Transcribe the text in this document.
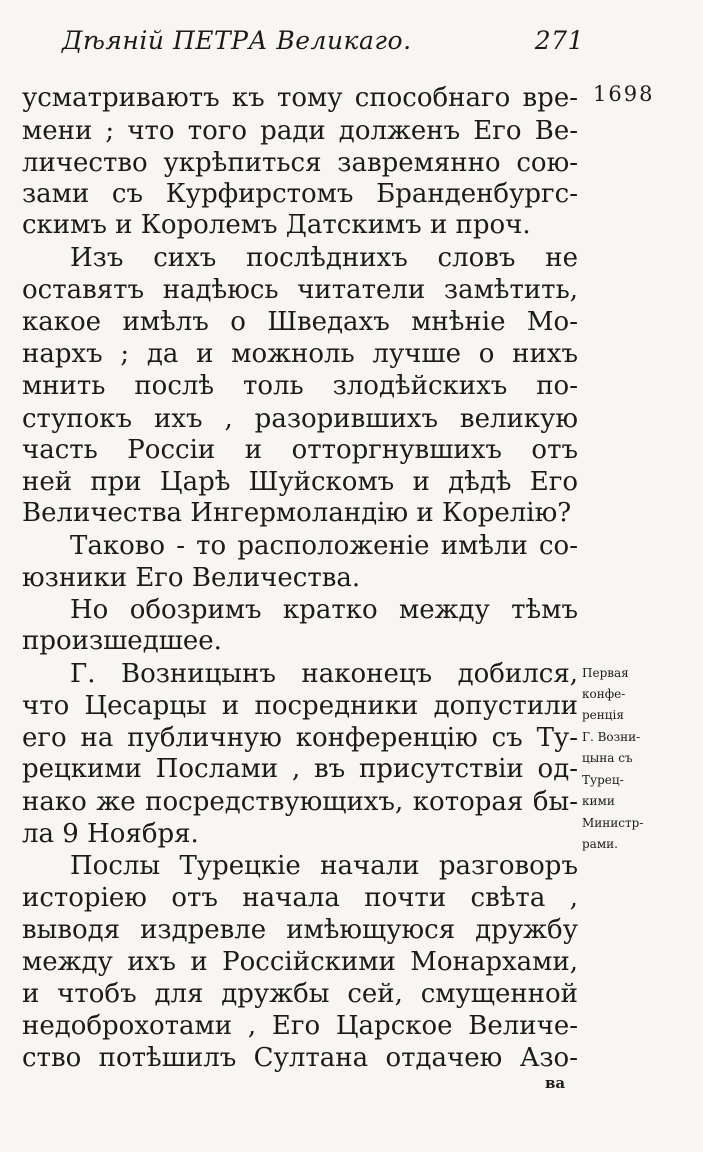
Дѣяній ПЕТРА Великаго.	271
1698
усматриваютъ къ тому способнаго вре-
мени ; что того ради долженъ Его Ве-
личество укрѣпиться завремянно сою-
зами съ Курфирстомъ Бранденбургс-
скимъ и Королемъ Датскимъ и проч.
Изъ сихъ послѣднихъ словъ не
оставятъ надѣюсь читатели замѣтить,
какое имѣлъ о Шведахъ мнѣніе Мо-
нархъ ; да и можноль лучше о нихъ
мнить послѣ толь злодѣйскихъ по-
ступокъ ихъ , разорившихъ великую
часть Россіи и отторгнувшихъ отъ
ней при Царѣ Шуйскомъ и дѣдѣ Его
Величества Ингермоландію и Корелію?
Таково - то расположеніе имѣли со-
юзники Его Величества.
Но обозримъ кратко между тѣмъ
произшедшее.
Г. Возницынъ наконецъ добился,
что Цесарцы и посредники допустили
его на публичную конференцію съ Ту-
рецкими Послами , въ присутствіи од-
нако же посредствующихъ, которая бы-
ла 9 Ноября.
Послы Турецкіе начали разговоръ
исторіею отъ начала почти свѣта ,
выводя издревле имѣющуюся дружбу
между ихъ и Россійскими Монархами,
и чтобъ для дружбы сей, смущенной
недоброхотами , Его Царское Величе-
ство потѣшилъ Султана отдачею Азо-
Первая
конфе-
ренція
Г. Возни-
цына съ
Турец-
кими
Министр-
рами.
ва
